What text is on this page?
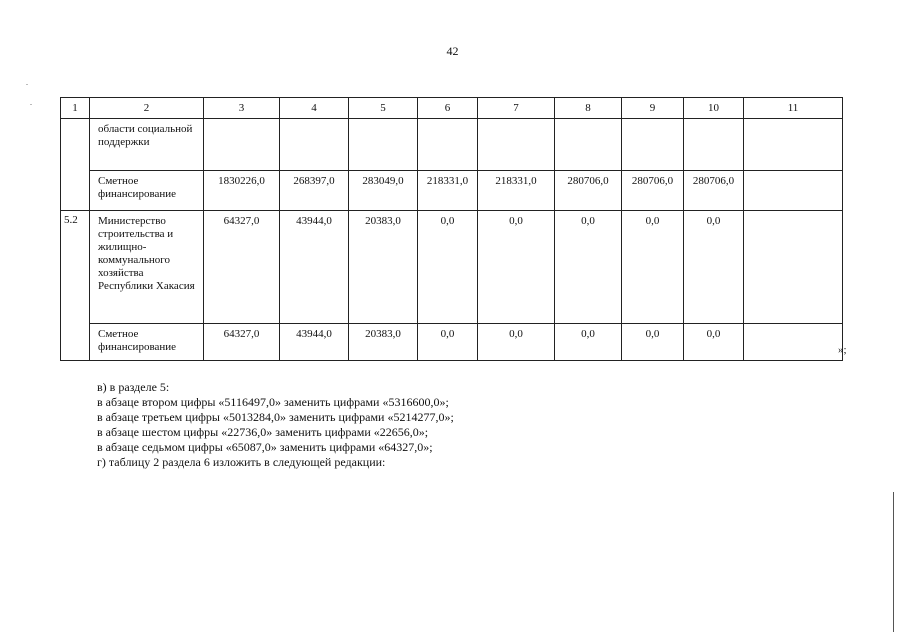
42
1	2	3	4	5	6	7	8	9	10	11
	области социальной поддержки									
	Сметное финансирование	1830226,0	268397,0	283049,0	218331,0	218331,0	280706,0	280706,0	280706,0	
5.2	Министерство строительства и жилищно-коммунального хозяйства Республики Хакасия	64327,0	43944,0	20383,0	0,0	0,0	0,0	0,0	0,0	
	Сметное финансирование	64327,0	43944,0	20383,0	0,0	0,0	0,0	0,0	0,0	
»;

в) в разделе 5:

в абзаце втором цифры «5116497,0» заменить цифрами «5316600,0»;

в абзаце третьем цифры «5013284,0» заменить цифрами «5214277,0»;

в абзаце шестом цифры «22736,0» заменить цифрами «22656,0»;

в абзаце седьмом цифры «65087,0» заменить цифрами «64327,0»;

г) таблицу 2 раздела 6 изложить в следующей редакции:
